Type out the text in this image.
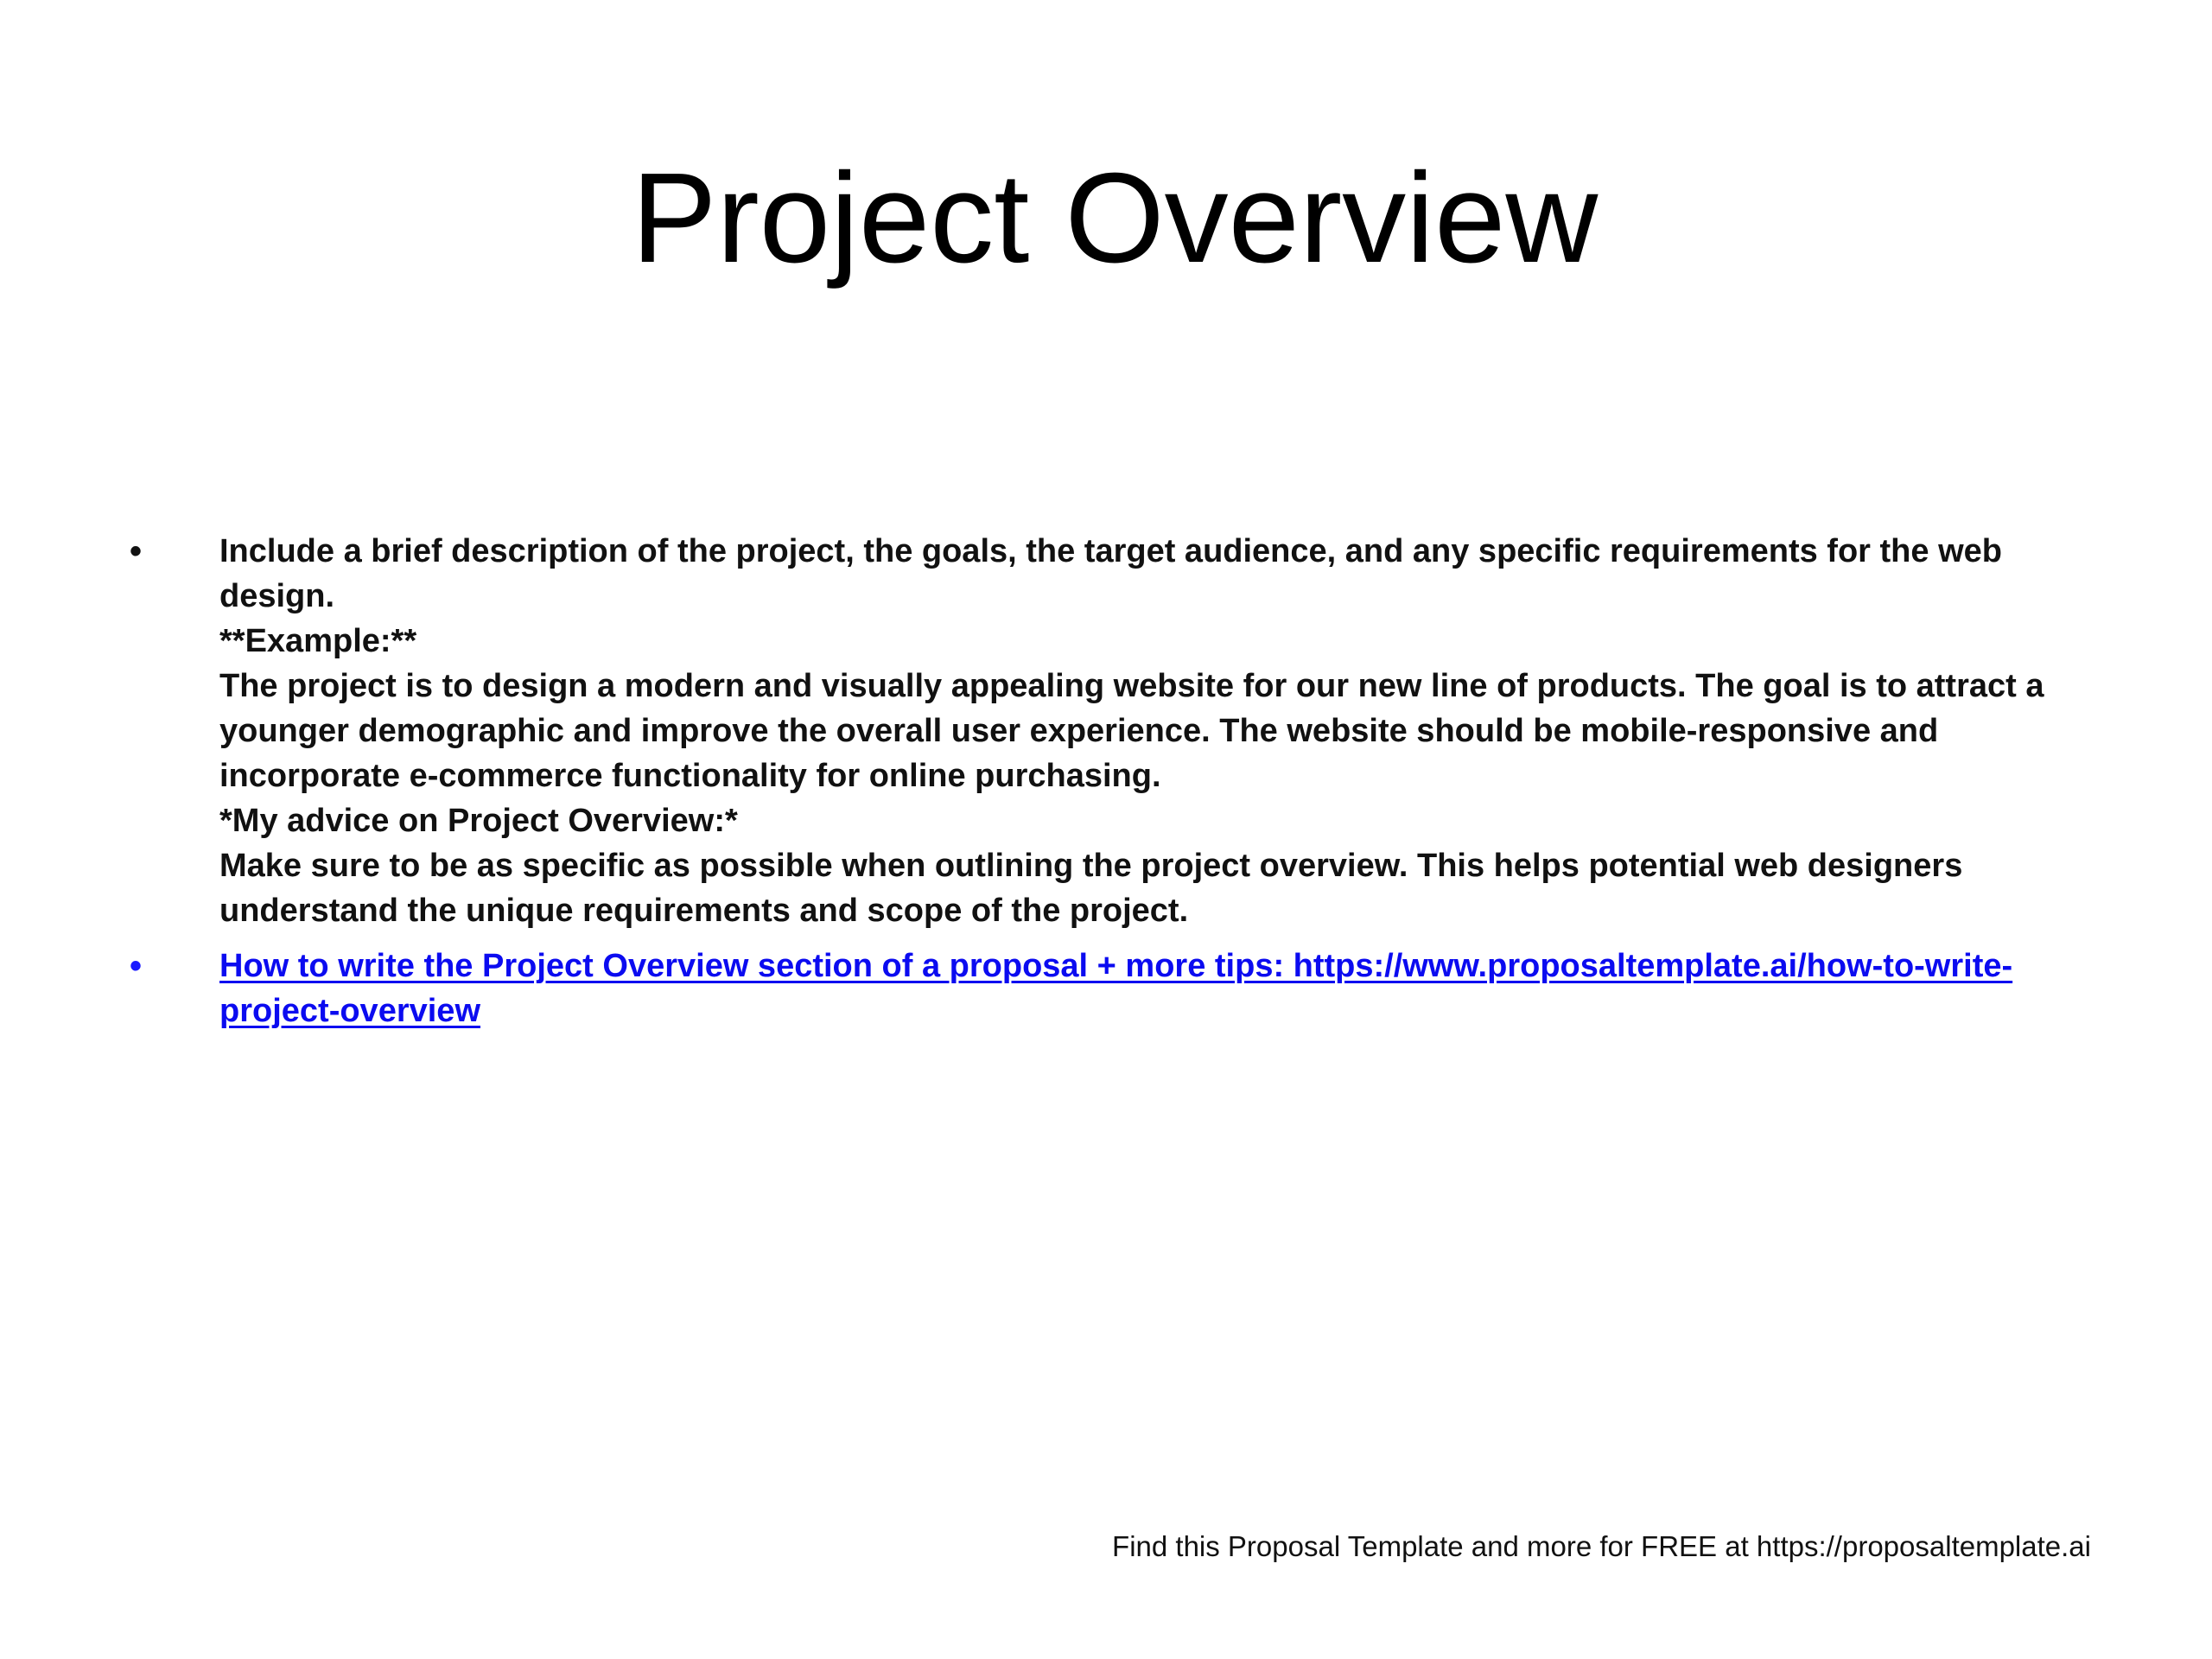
Project Overview
• Include a brief description of the project, the goals, the target audience, and any specific requirements for the web design.

**Example:**

The project is to design a modern and visually appealing website for our new line of products. The goal is to attract a younger demographic and improve the overall user experience. The website should be mobile-responsive and incorporate e-commerce functionality for online purchasing.

*My advice on Project Overview:*

Make sure to be as specific as possible when outlining the project overview. This helps potential web designers understand the unique requirements and scope of the project.

• How to write the Project Overview section of a proposal + more tips: https://www.proposaltemplate.ai/how-to-write-project-overview
Find this Proposal Template and more for FREE at https://proposaltemplate.ai
